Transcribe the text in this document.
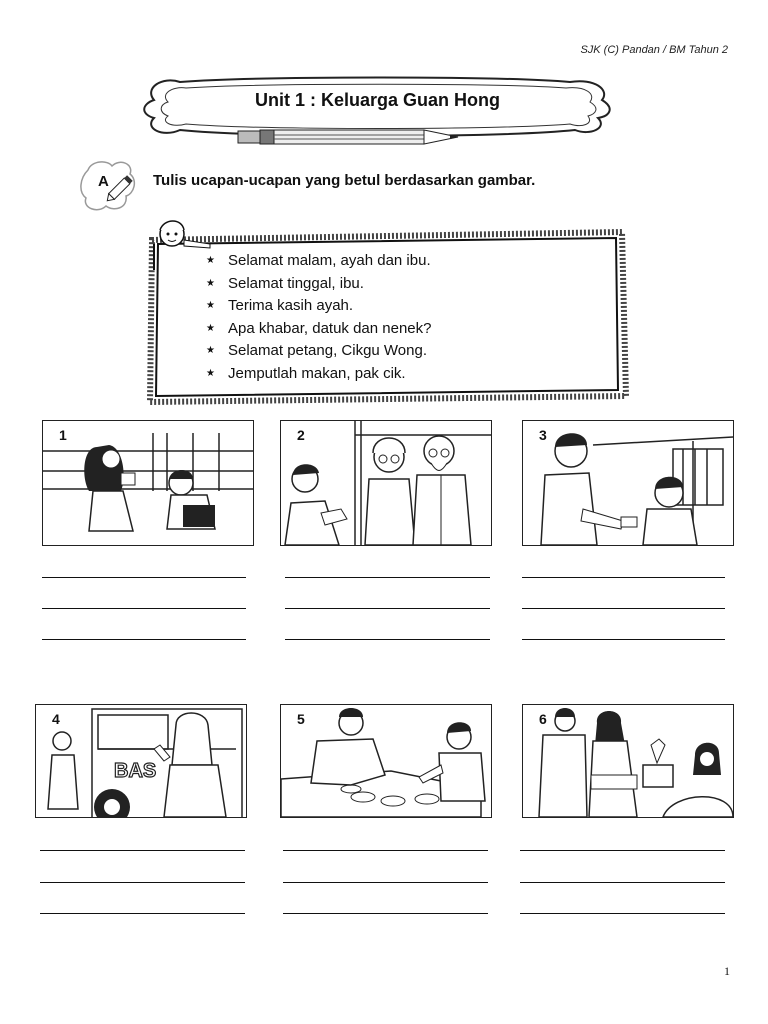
SJK (C) Pandan / BM Tahun 2
Unit 1 : Keluarga Guan Hong
A	Tulis ucapan-ucapan yang betul berdasarkan gambar.
★ Selamat malam, ayah dan ibu.
★ Selamat tinggal, ibu.
★ Terima kasih ayah.
★ Apa khabar, datuk dan nenek?
★ Selamat petang, Cikgu Wong.
★ Jemputlah makan, pak cik.
1	2	3
4
BAS
5	6
1
